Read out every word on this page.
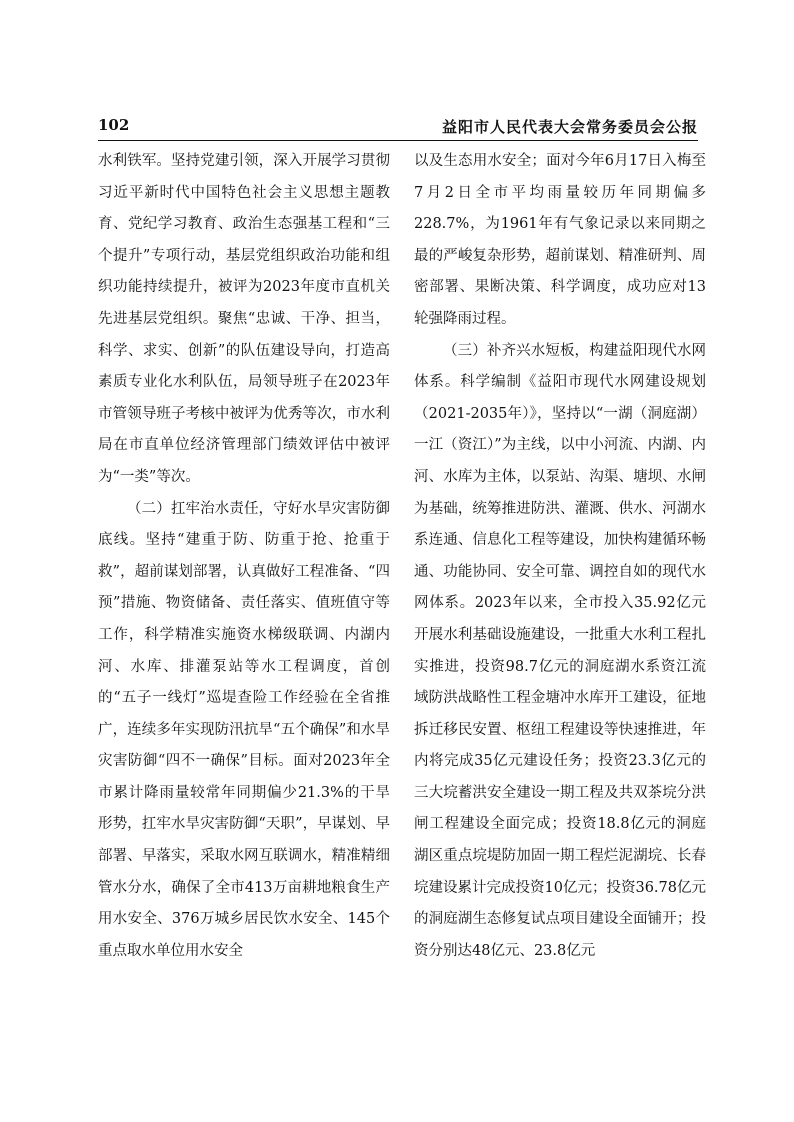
102	益阳市人民代表大会常务委员会公报

水利铁军。坚持党建引领，深入开展学习贯彻习近平新时代中国特色社会主义思想主题教育、党纪学习教育、政治生态强基工程和“三个提升”专项行动，基层党组织政治功能和组织功能持续提升，被评为2023年度市直机关先进基层党组织。聚焦“忠诚、干净、担当，科学、求实、创新”的队伍建设导向，打造高素质专业化水利队伍，局领导班子在2023年市管领导班子考核中被评为优秀等次，市水利局在市直单位经济管理部门绩效评估中被评为“一类”等次。

（二）扛牢治水责任，守好水旱灾害防御底线。坚持“建重于防、防重于抢、抢重于救”，超前谋划部署，认真做好工程准备、“四预”措施、物资储备、责任落实、值班值守等工作，科学精准实施资水梯级联调、内湖内河、水库、排灌泵站等水工程调度，首创的“五子一线灯”巡堤查险工作经验在全省推广，连续多年实现防汛抗旱“五个确保”和水旱灾害防御“四不一确保”目标。面对2023年全市累计降雨量较常年同期偏少21.3%的干旱形势，扛牢水旱灾害防御“天职”，早谋划、早部署、早落实，采取水网互联调水，精准精细管水分水，确保了全市413万亩耕地粮食生产用水安全、376万城乡居民饮水安全、145个重点取水单位用水安全

以及生态用水安全；面对今年6月17日入梅至7月2日全市平均雨量较历年同期偏多228.7%，为1961年有气象记录以来同期之最的严峻复杂形势，超前谋划、精准研判、周密部署、果断决策、科学调度，成功应对13轮强降雨过程。

（三）补齐兴水短板，构建益阳现代水网体系。科学编制《益阳市现代水网建设规划（2021-2035年）》，坚持以“一湖（洞庭湖）一江（资江）”为主线，以中小河流、内湖、内河、水库为主体，以泵站、沟渠、塘坝、水闸为基础，统筹推进防洪、灌溉、供水、河湖水系连通、信息化工程等建设，加快构建循环畅通、功能协同、安全可靠、调控自如的现代水网体系。2023年以来，全市投入35.92亿元开展水利基础设施建设，一批重大水利工程扎实推进，投资98.7亿元的洞庭湖水系资江流域防洪战略性工程金塘冲水库开工建设，征地拆迁移民安置、枢纽工程建设等快速推进，年内将完成35亿元建设任务；投资23.3亿元的三大垸蓄洪安全建设一期工程及共双茶垸分洪闸工程建设全面完成；投资18.8亿元的洞庭湖区重点垸堤防加固一期工程烂泥湖垸、长春垸建设累计完成投资10亿元；投资36.78亿元的洞庭湖生态修复试点项目建设全面铺开；投资分别达48亿元、23.8亿元
